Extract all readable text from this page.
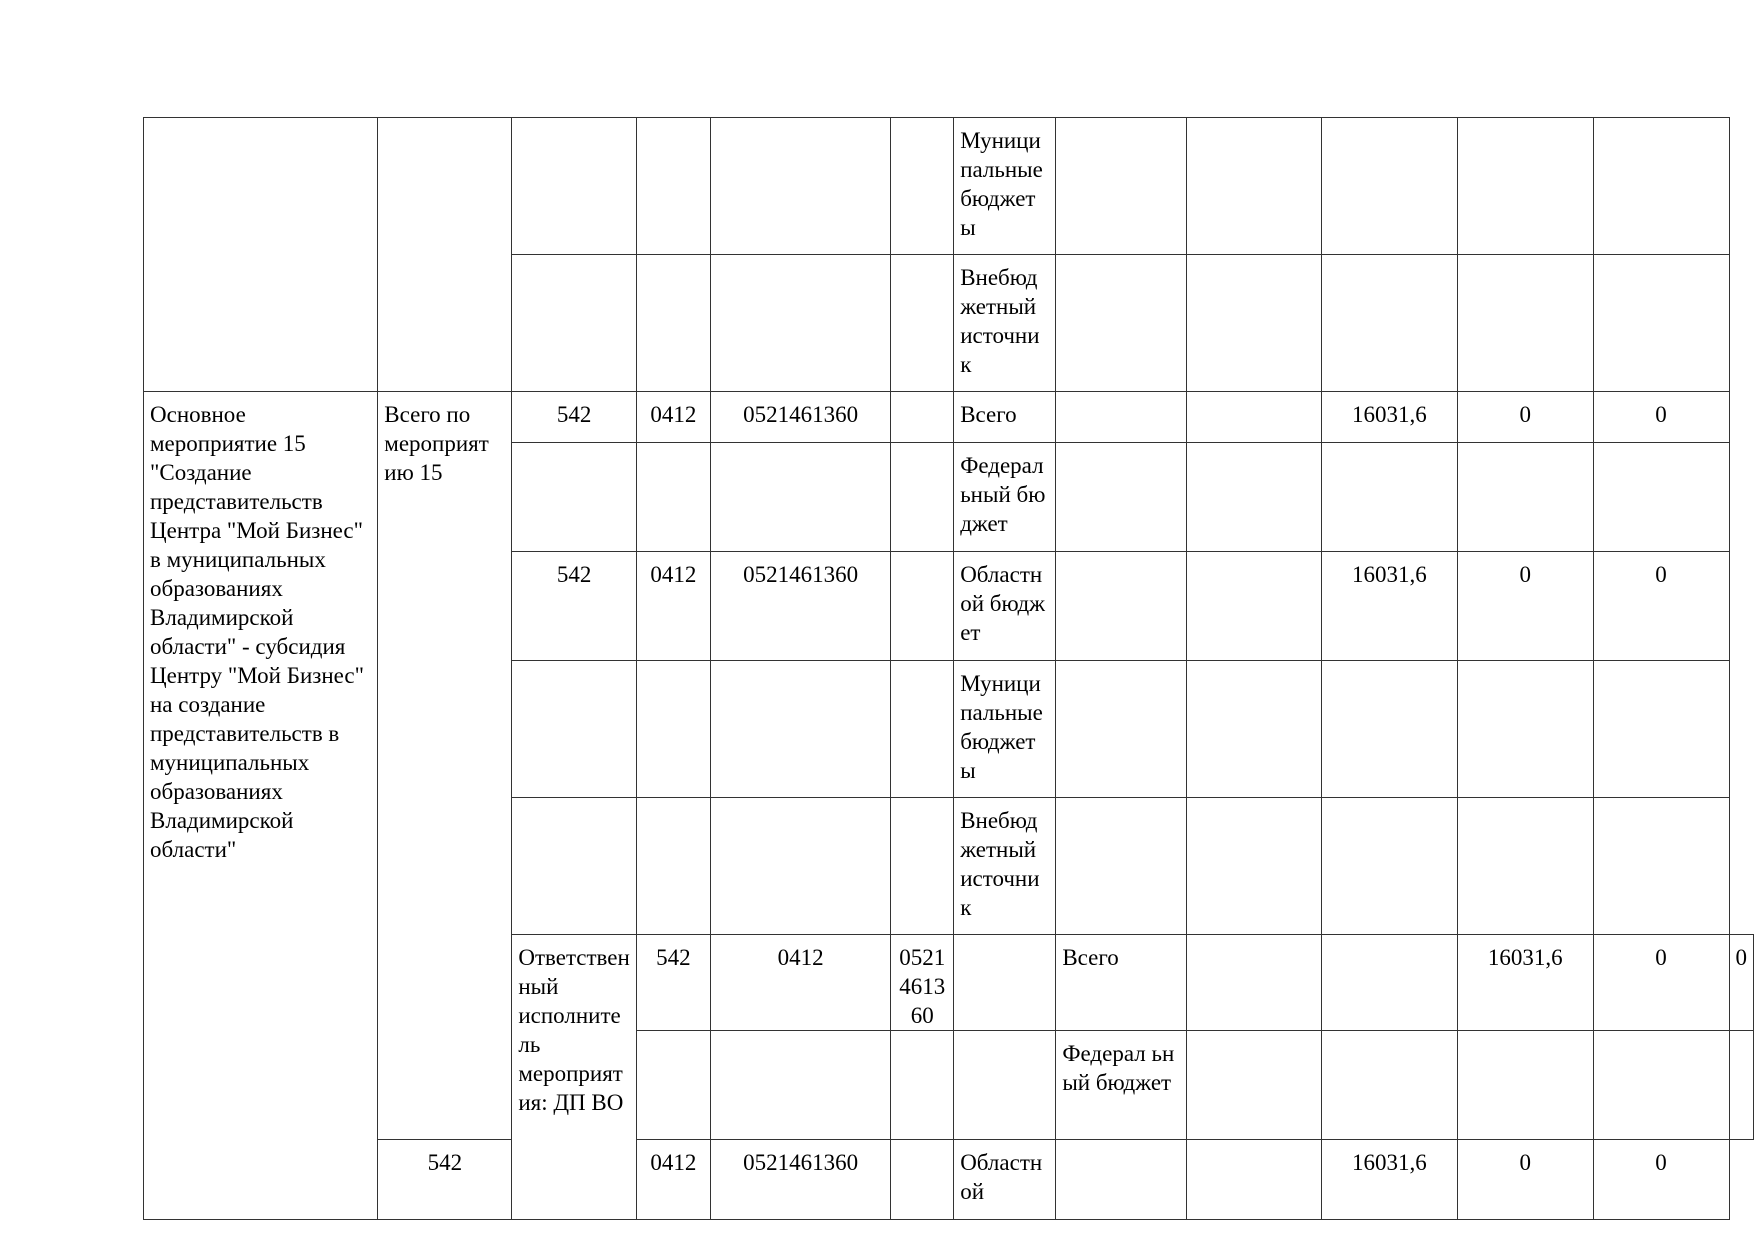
						Муници пальные бюджет ы						
						Внебюд жетный источни к						
Основное мероприятие 15 "Создание представительств Центра "Мой Бизнес" в муниципальных образованиях Владимирской области" - субсидия Центру "Мой Бизнес" на создание представительств в муниципальных образованиях Владимирской области"	Всего по мероприят ию 15	542	0412	0521461360		Всего			16031,6	0	0	
						Федерал ьный бюджет						
		542	0412	0521461360		Областн ой бюджет			16031,6	0	0	
						Муници пальные бюджет ы						
						Внебюд жетный источни к						
		Ответствен ный исполните ль мероприят ия: ДП ВО	542	0412	0521461360		Всего			16031,6	0	0
							Федерал ьный бюджет					
	542		0412	0521461360		Областн ой			16031,6	0	0	
